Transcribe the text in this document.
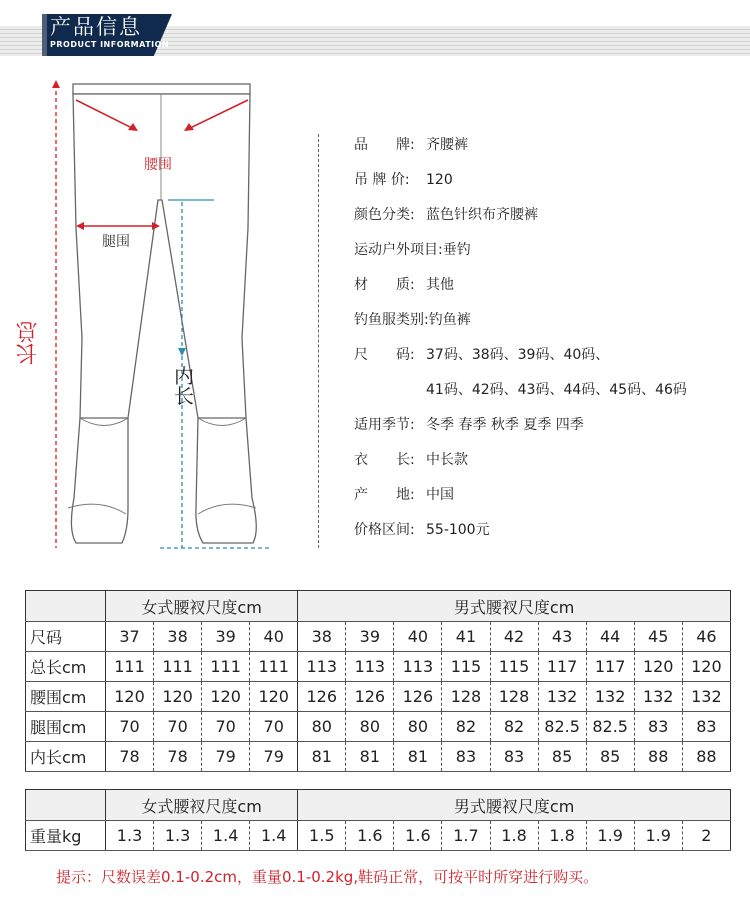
产品信息
PRODUCT INFORMATION
腰围
腿围
长总
内长
品　　牌: 齐腰裤
吊 牌 价: 120
颜色分类: 蓝色针织布齐腰裤
运动户外项目:垂钓
材　　质: 其他
钓鱼服类别:钓鱼裤
尺　　码: 37码、38码、39码、40码、
41码、42码、43码、44码、45码、46码
适用季节: 冬季 春季 秋季 夏季 四季
衣　　长: 中长款
产　　地: 中国
价格区间: 55-100元
	女式腰衩尺度cm				男式腰衩尺度cm								
尺码	37	38	39	40	38	39	40	41	42	43	44	45	46
总长cm	111	111	111	111	113	113	113	115	115	117	117	120	120
腰围cm	120	120	120	120	126	126	126	128	128	132	132	132	132
腿围cm	70	70	70	70	80	80	80	82	82	82.5	82.5	83	83
内长cm	78	78	79	79	81	81	81	83	83	85	85	88	88
	女式腰衩尺度cm				男式腰衩尺度cm								
重量kg	1.3	1.3	1.4	1.4	1.5	1.6	1.6	1.7	1.8	1.8	1.9	1.9	2
提示：尺数误差0.1-0.2cm，重量0.1-0.2kg,鞋码正常，可按平时所穿进行购买。
